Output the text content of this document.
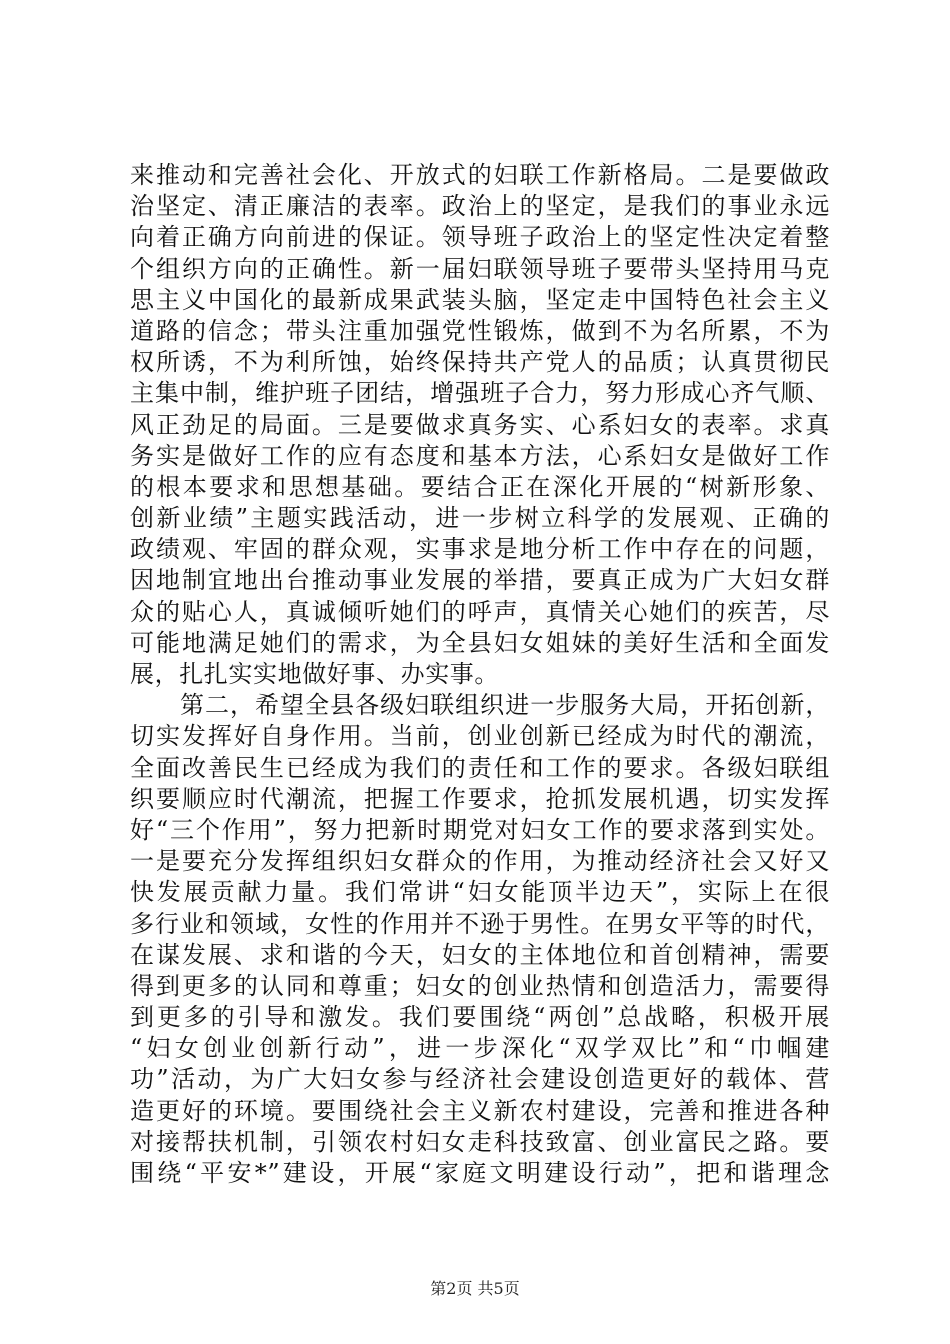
来推动和完善社会化、开放式的妇联工作新格局。二是要做政
治坚定、清正廉洁的表率。政治上的坚定，是我们的事业永远
向着正确方向前进的保证。领导班子政治上的坚定性决定着整
个组织方向的正确性。新一届妇联领导班子要带头坚持用马克
思主义中国化的最新成果武装头脑，坚定走中国特色社会主义
道路的信念；带头注重加强党性锻炼，做到不为名所累，不为
权所诱，不为利所蚀，始终保持共产党人的品质；认真贯彻民
主集中制，维护班子团结，增强班子合力，努力形成心齐气顺、
风正劲足的局面。三是要做求真务实、心系妇女的表率。求真
务实是做好工作的应有态度和基本方法，心系妇女是做好工作
的根本要求和思想基础。要结合正在深化开展的“树新形象、
创新业绩”主题实践活动，进一步树立科学的发展观、正确的
政绩观、牢固的群众观，实事求是地分析工作中存在的问题，
因地制宜地出台推动事业发展的举措，要真正成为广大妇女群
众的贴心人，真诚倾听她们的呼声，真情关心她们的疾苦，尽
可能地满足她们的需求，为全县妇女姐妹的美好生活和全面发
展，扎扎实实地做好事、办实事。
第二，希望全县各级妇联组织进一步服务大局，开拓创新，
切实发挥好自身作用。当前，创业创新已经成为时代的潮流，
全面改善民生已经成为我们的责任和工作的要求。各级妇联组
织要顺应时代潮流，把握工作要求，抢抓发展机遇，切实发挥
好“三个作用”，努力把新时期党对妇女工作的要求落到实处。
一是要充分发挥组织妇女群众的作用，为推动经济社会又好又
快发展贡献力量。我们常讲“妇女能顶半边天”，实际上在很
多行业和领域，女性的作用并不逊于男性。在男女平等的时代，
在谋发展、求和谐的今天，妇女的主体地位和首创精神，需要
得到更多的认同和尊重；妇女的创业热情和创造活力，需要得
到更多的引导和激发。我们要围绕“两创”总战略，积极开展
“妇女创业创新行动”，进一步深化“双学双比”和“巾帼建
功”活动，为广大妇女参与经济社会建设创造更好的载体、营
造更好的环境。要围绕社会主义新农村建设，完善和推进各种
对接帮扶机制，引领农村妇女走科技致富、创业富民之路。要
围绕“平安*”建设，开展“家庭文明建设行动”，把和谐理念
第2页 共5页
